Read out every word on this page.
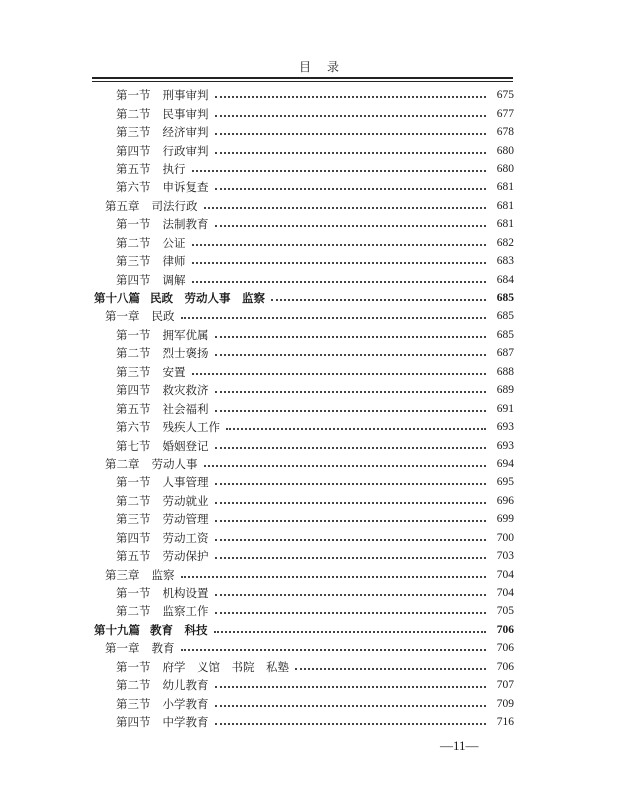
目　录
第一节 刑事审判	675
第二节 民事审判	677
第三节 经济审判	678
第四节 行政审判	680
第五节 执行	680
第六节 申诉复查	681
第五章 司法行政	681
第一节 法制教育	681
第二节 公证	682
第三节 律师	683
第四节 调解	684
第十八篇 民政　劳动人事　监察	685
第一章 民政	685
第一节 拥军优属	685
第二节 烈士褒扬	687
第三节 安置	688
第四节 救灾救济	689
第五节 社会福利	691
第六节 残疾人工作	693
第七节 婚姻登记	693
第二章 劳动人事	694
第一节 人事管理	695
第二节 劳动就业	696
第三节 劳动管理	699
第四节 劳动工资	700
第五节 劳动保护	703
第三章 监察	704
第一节 机构设置	704
第二节 监察工作	705
第十九篇 教育　科技	706
第一章 教育	706
第一节 府学　义馆　书院　私塾	706
第二节 幼儿教育	707
第三节 小学教育	709
第四节 中学教育	716
—11—
